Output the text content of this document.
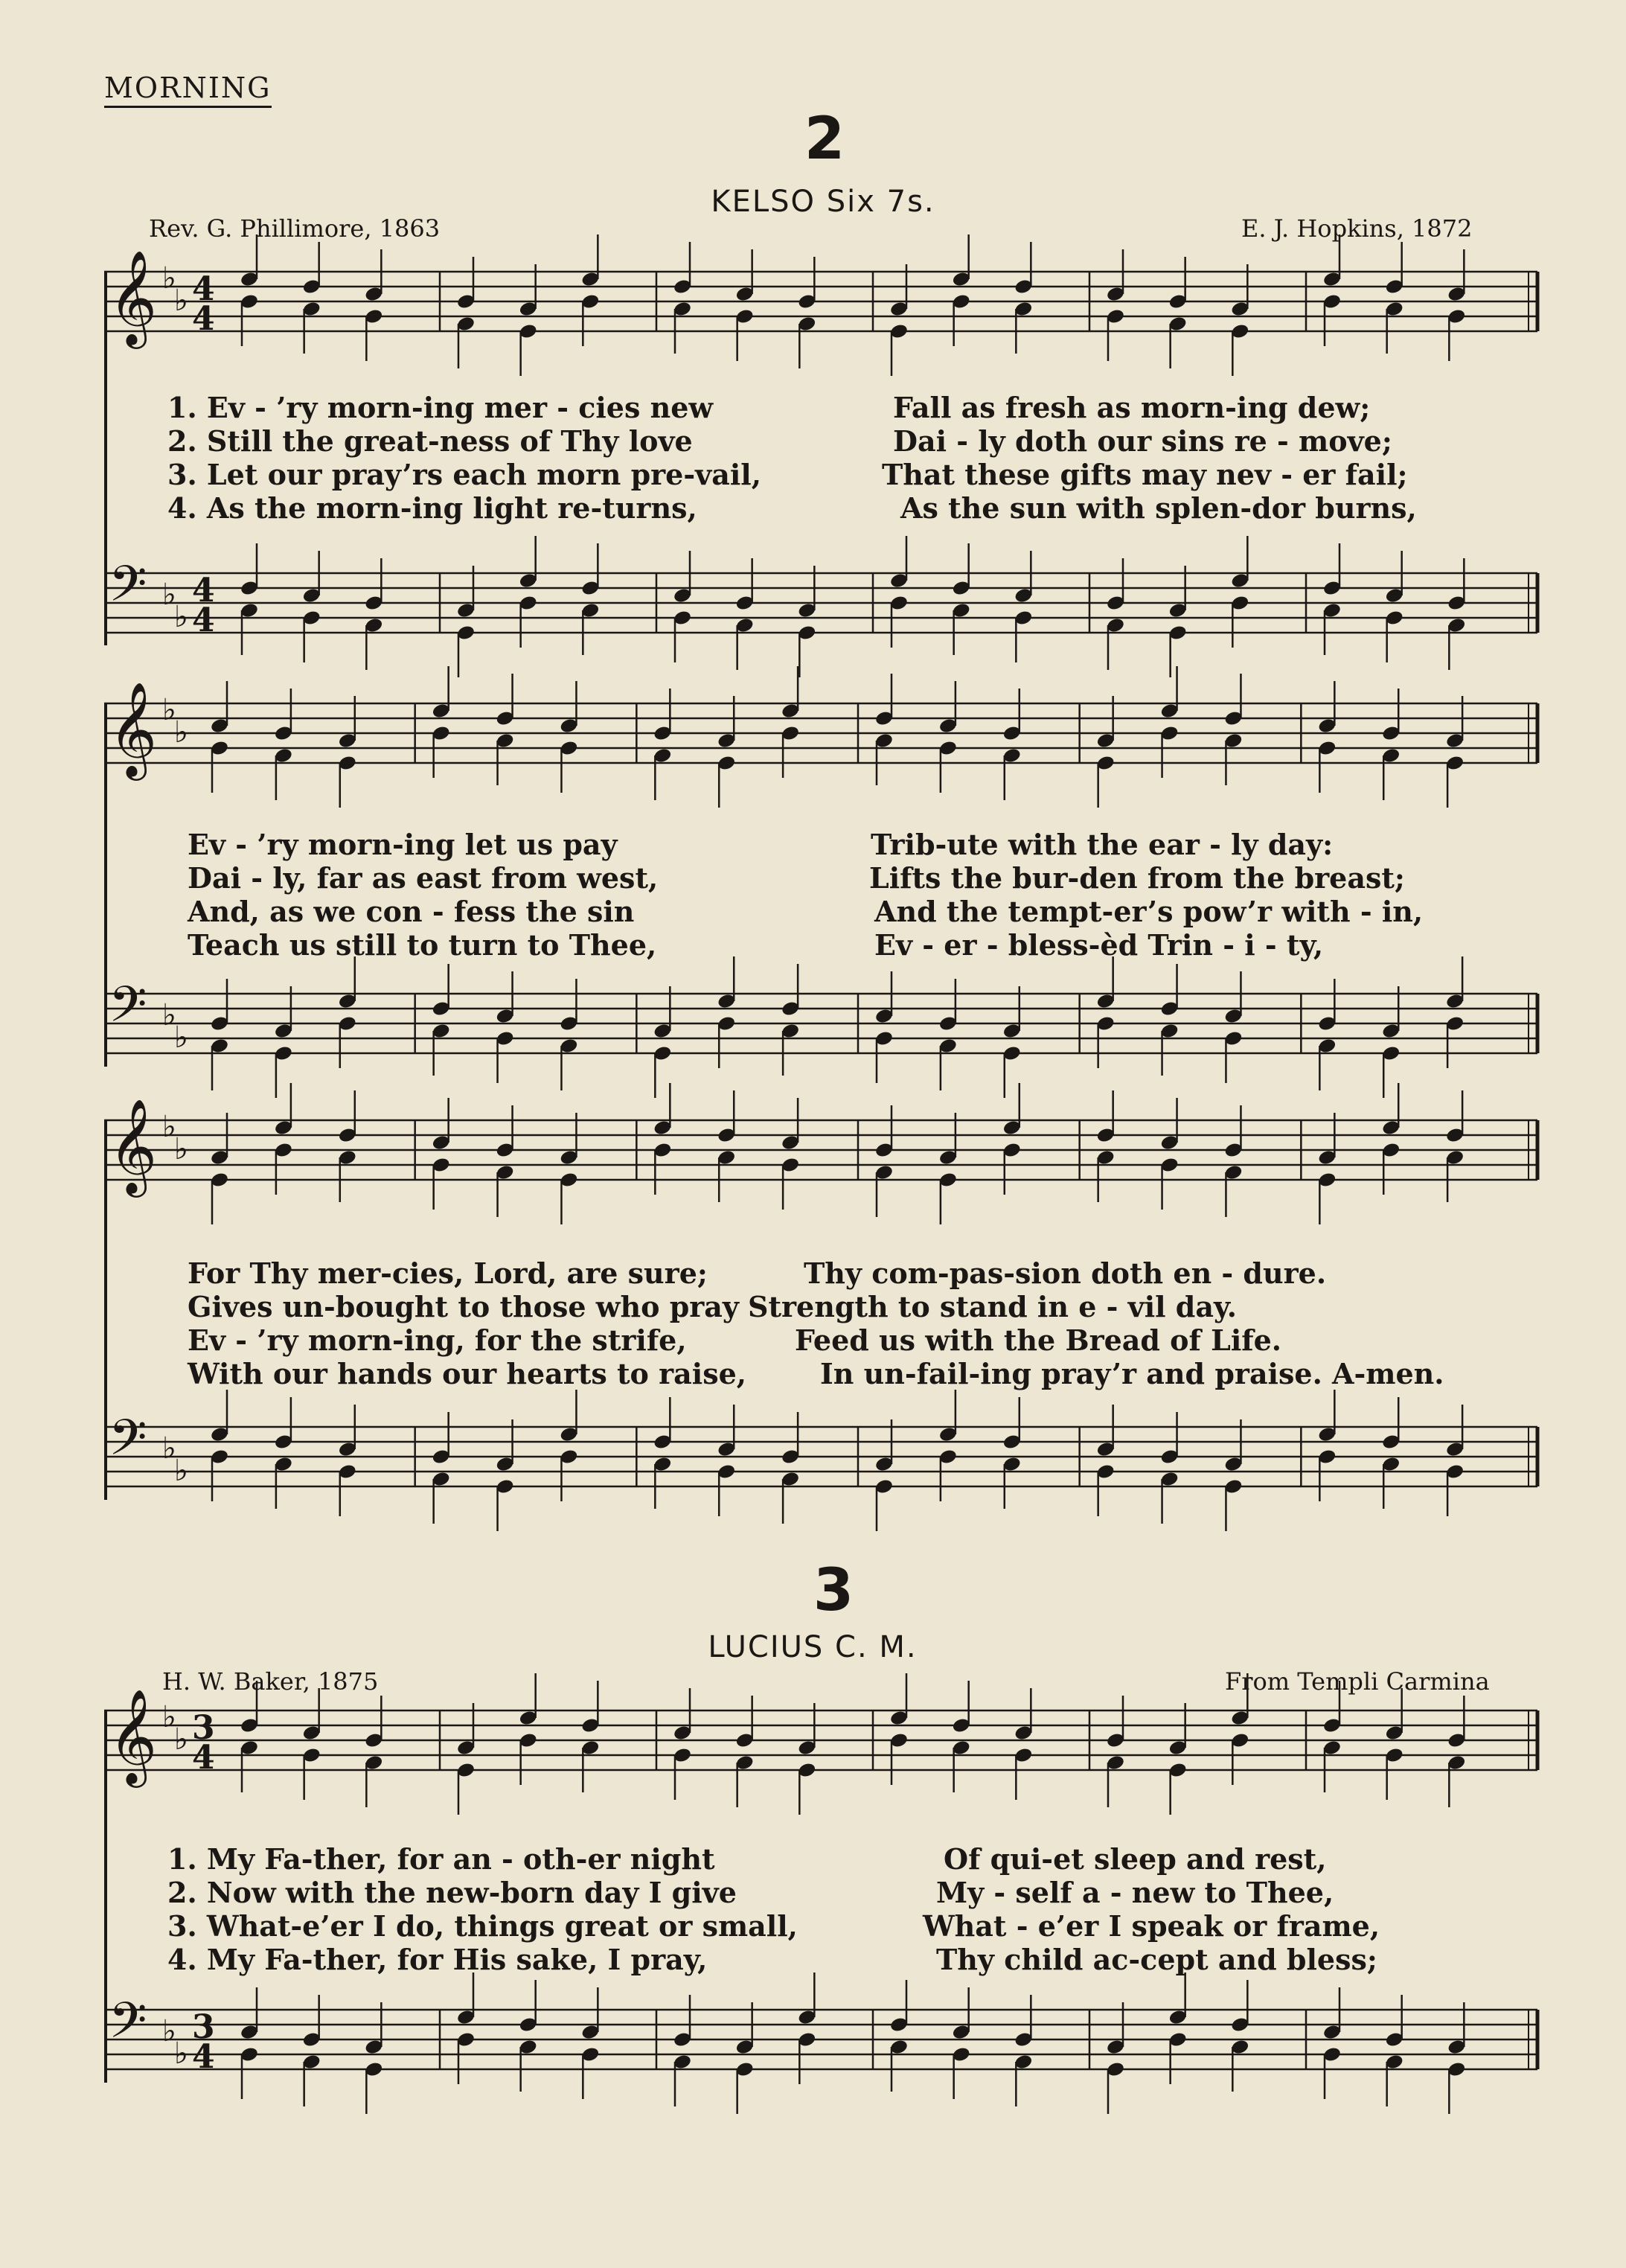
MORNING
2
KELSO Six 7s.
Rev. G. Phillimore, 1863	E. J. Hopkins, 1872
𝄞 ♭
♭ 4
4
𝄢 ♭
♭
4
4
𝄞 ♭
♭
𝄢 ♭
♭
𝄞 ♭
♭
𝄢 ♭
♭
1. Ev - ’ry morn-ing mer - cies new	Fall as fresh as morn-ing dew;
2. Still the great-ness of Thy love	Dai - ly doth our sins re - move;
3. Let our pray’rs each morn pre-vail,	That these gifts may nev - er fail;
4. As the morn-ing light re-turns,	As the sun with splen-dor burns,
Ev - ’ry morn-ing let us pay	Trib-ute with the ear - ly day:
Dai - ly, far as east from west,	Lifts the bur-den from the breast;
And, as we con - fess the sin	And the tempt-er’s pow’r with - in,
Teach us still to turn to Thee,	Ev - er - bless-èd Trin - i - ty,
For Thy mer-cies, Lord, are sure;	Thy com-pas-sion doth en - dure.
Gives un-bought to those who pray Strength to stand in e - vil day.
Ev - ’ry morn-ing, for the strife,	Feed us with the Bread of Life.
With our hands our hearts to raise,	In un-fail-ing pray’r and praise. A-men.
3
LUCIUS C. M.
H. W. Baker, 1875	From Templi Carmina
𝄞 ♭
♭ 3
4
𝄢 ♭
♭
3
4
1. My Fa-ther, for an - oth-er night	Of qui-et sleep and rest,
2. Now with the new-born day I give	My - self a - new to Thee,
3. What-e’er I do, things great or small,	What - e’er I speak or frame,
4. My Fa-ther, for His sake, I pray,	Thy child ac-cept and bless;
